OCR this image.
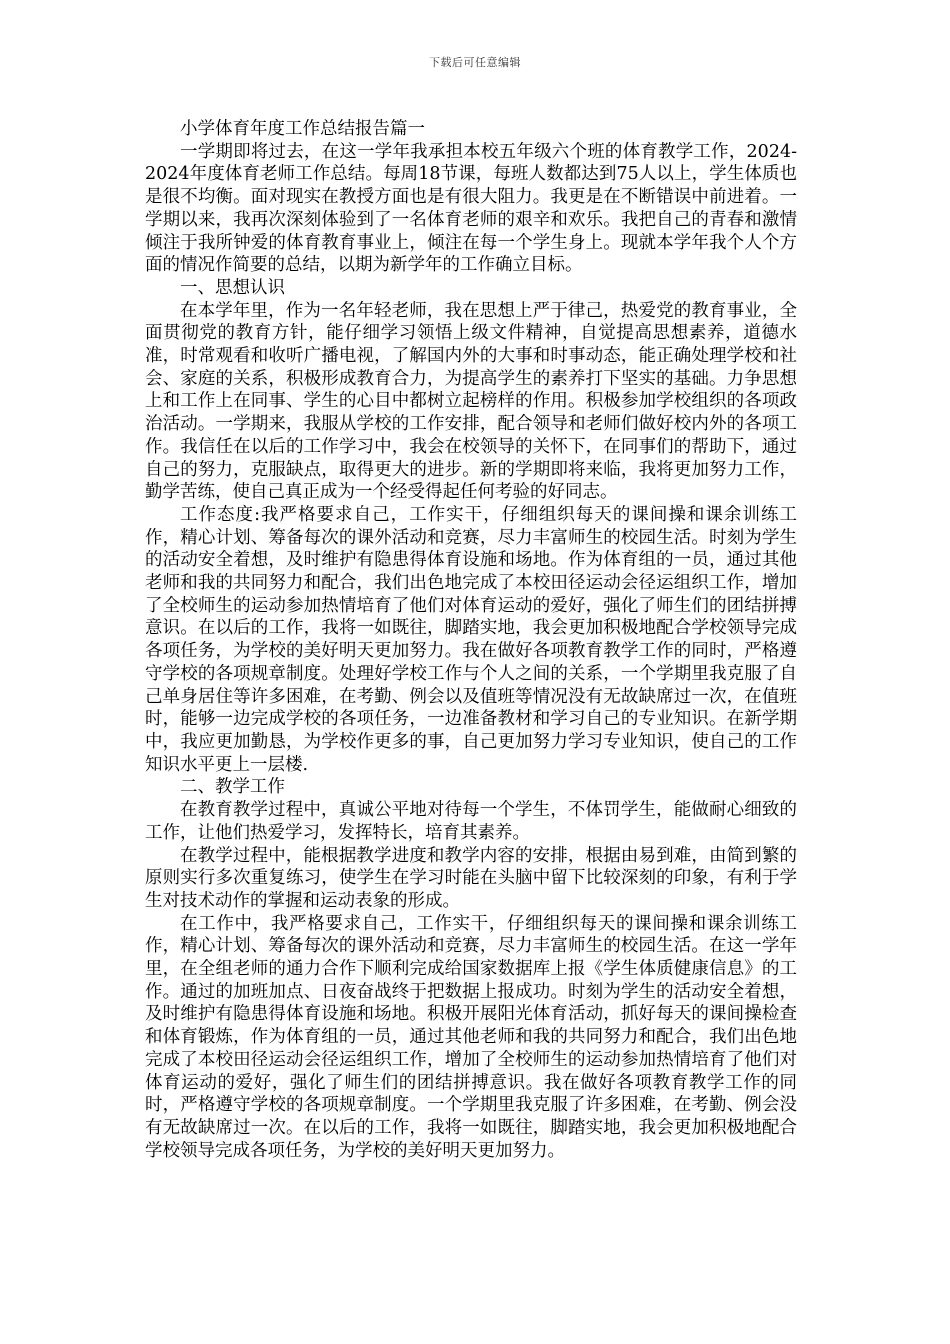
下载后可任意编辑

小学体育年度工作总结报告篇一

一学期即将过去，在这一学年我承担本校五年级六个班的体育教学工作，2024-2024年度体育老师工作总结。每周18节课，每班人数都达到75人以上，学生体质也是很不均衡。面对现实在教授方面也是有很大阻力。我更是在不断错误中前进着。一学期以来，我再次深刻体验到了一名体育老师的艰辛和欢乐。我把自己的青春和激情倾注于我所钟爱的体育教育事业上，倾注在每一个学生身上。现就本学年我个人个方面的情况作简要的总结，以期为新学年的工作确立目标。

一、思想认识

在本学年里，作为一名年轻老师，我在思想上严于律己，热爱党的教育事业，全面贯彻党的教育方针，能仔细学习领悟上级文件精神，自觉提高思想素养，道德水准，时常观看和收听广播电视，了解国内外的大事和时事动态，能正确处理学校和社会、家庭的关系，积极形成教育合力，为提高学生的素养打下坚实的基础。力争思想上和工作上在同事、学生的心目中都树立起榜样的作用。积极参加学校组织的各项政治活动。一学期来，我服从学校的工作安排，配合领导和老师们做好校内外的各项工作。我信任在以后的工作学习中，我会在校领导的关怀下，在同事们的帮助下，通过自己的努力，克服缺点，取得更大的进步。新的学期即将来临，我将更加努力工作，勤学苦练，使自己真正成为一个经受得起任何考验的好同志。

工作态度:我严格要求自己，工作实干，仔细组织每天的课间操和课余训练工作，精心计划、筹备每次的课外活动和竞赛，尽力丰富师生的校园生活。时刻为学生的活动安全着想，及时维护有隐患得体育设施和场地。作为体育组的一员，通过其他老师和我的共同努力和配合，我们出色地完成了本校田径运动会径运组织工作，增加了全校师生的运动参加热情培育了他们对体育运动的爱好，强化了师生们的团结拼搏意识。在以后的工作，我将一如既往，脚踏实地，我会更加积极地配合学校领导完成各项任务，为学校的美好明天更加努力。我在做好各项教育教学工作的同时，严格遵守学校的各项规章制度。处理好学校工作与个人之间的关系，一个学期里我克服了自己单身居住等许多困难，在考勤、例会以及值班等情况没有无故缺席过一次，在值班时，能够一边完成学校的各项任务，一边准备教材和学习自己的专业知识。在新学期中，我应更加勤恳，为学校作更多的事，自己更加努力学习专业知识，使自己的工作知识水平更上一层楼.

二、教学工作

在教育教学过程中，真诚公平地对待每一个学生，不体罚学生，能做耐心细致的工作，让他们热爱学习，发挥特长，培育其素养。

在教学过程中，能根据教学进度和教学内容的安排，根据由易到难，由简到繁的原则实行多次重复练习，使学生在学习时能在头脑中留下比较深刻的印象，有利于学生对技术动作的掌握和运动表象的形成。

在工作中，我严格要求自己，工作实干，仔细组织每天的课间操和课余训练工作，精心计划、筹备每次的课外活动和竞赛，尽力丰富师生的校园生活。在这一学年里，在全组老师的通力合作下顺利完成给国家数据库上报《学生体质健康信息》的工作。通过的加班加点、日夜奋战终于把数据上报成功。时刻为学生的活动安全着想，及时维护有隐患得体育设施和场地。积极开展阳光体育活动，抓好每天的课间操检查和体育锻炼，作为体育组的一员，通过其他老师和我的共同努力和配合，我们出色地完成了本校田径运动会径运组织工作，增加了全校师生的运动参加热情培育了他们对体育运动的爱好，强化了师生们的团结拼搏意识。我在做好各项教育教学工作的同时，严格遵守学校的各项规章制度。一个学期里我克服了许多困难，在考勤、例会没有无故缺席过一次。在以后的工作，我将一如既往，脚踏实地，我会更加积极地配合学校领导完成各项任务，为学校的美好明天更加努力。
